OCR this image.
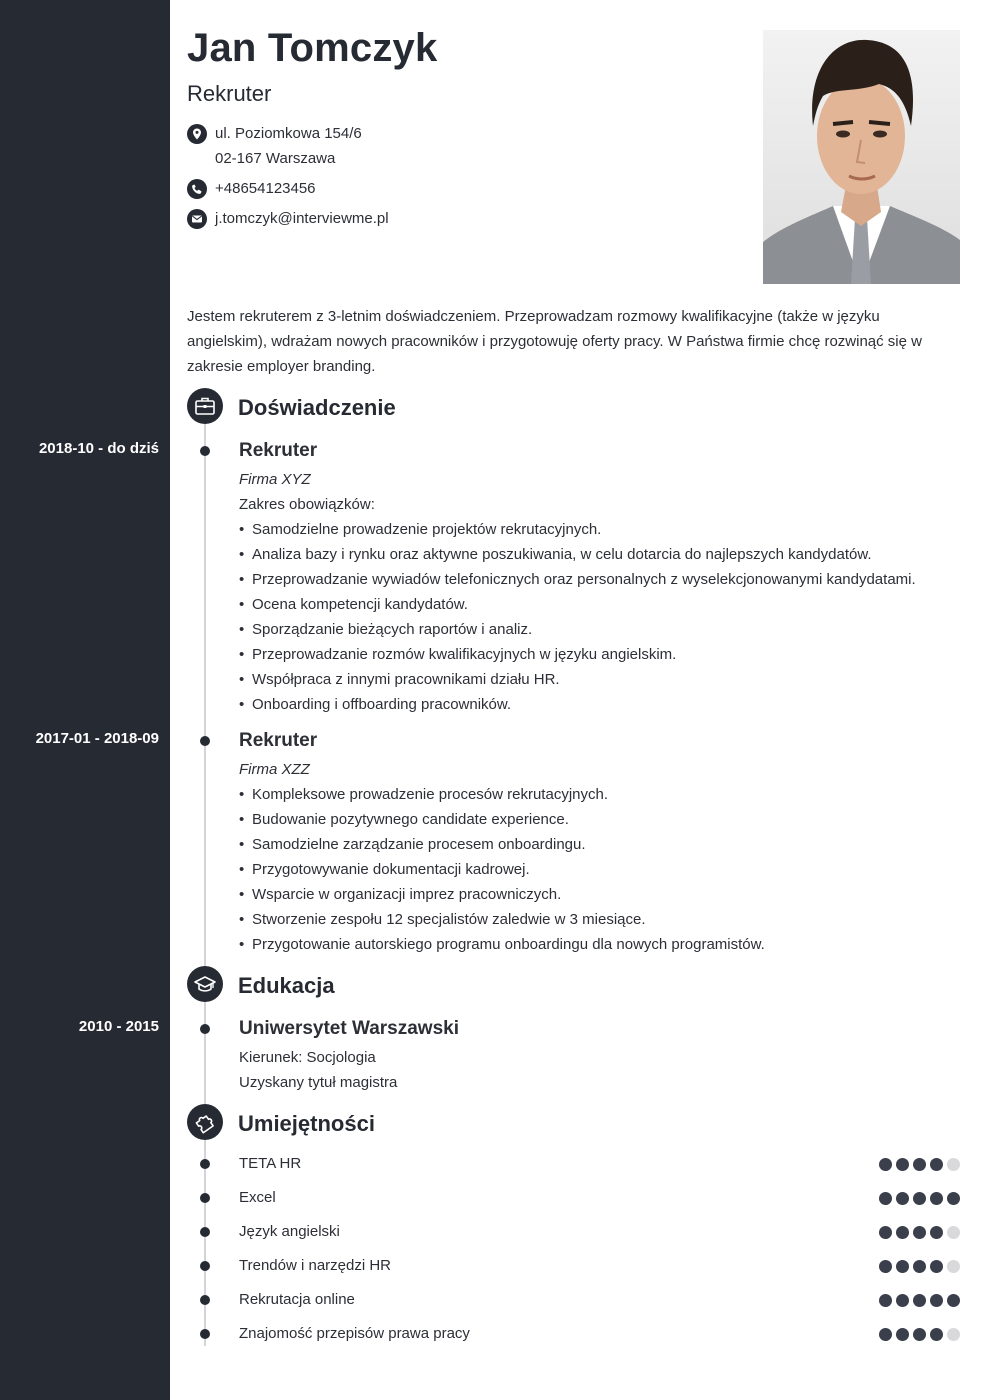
Jan Tomczyk
Rekruter
ul. Poziomkowa 154/6
02-167 Warszawa
+48654123456
j.tomczyk@interviewme.pl

Jestem rekruterem z 3-letnim doświadczeniem. Przeprowadzam rozmowy kwalifikacyjne (także w języku angielskim), wdrażam nowych pracowników i przygotowuję oferty pracy. W Państwa firmie chcę rozwinąć się w zakresie employer branding.

Doświadczenie
2018-10 - do dziś	Rekruter
Firma XYZ
Zakres obowiązków:
• Samodzielne prowadzenie projektów rekrutacyjnych.
• Analiza bazy i rynku oraz aktywne poszukiwania, w celu dotarcia do najlepszych kandydatów.
• Przeprowadzanie wywiadów telefonicznych oraz personalnych z wyselekcjonowanymi kandydatami.
• Ocena kompetencji kandydatów.
• Sporządzanie bieżących raportów i analiz.
• Przeprowadzanie rozmów kwalifikacyjnych w języku angielskim.
• Współpraca z innymi pracownikami działu HR.
• Onboarding i offboarding pracowników.
2017-01 - 2018-09	Rekruter
Firma XZZ
• Kompleksowe prowadzenie procesów rekrutacyjnych.
• Budowanie pozytywnego candidate experience.
• Samodzielne zarządzanie procesem onboardingu.
• Przygotowywanie dokumentacji kadrowej.
• Wsparcie w organizacji imprez pracowniczych.
• Stworzenie zespołu 12 specjalistów zaledwie w 3 miesiące.
• Przygotowanie autorskiego programu onboardingu dla nowych programistów.
Edukacja
2010 - 2015	Uniwersytet Warszawski
Kierunek: Socjologia
Uzyskany tytuł magistra
Umiejętności
TETA HR
Excel
Język angielski
Trendów i narzędzi HR
Rekrutacja online
Znajomość przepisów prawa pracy
